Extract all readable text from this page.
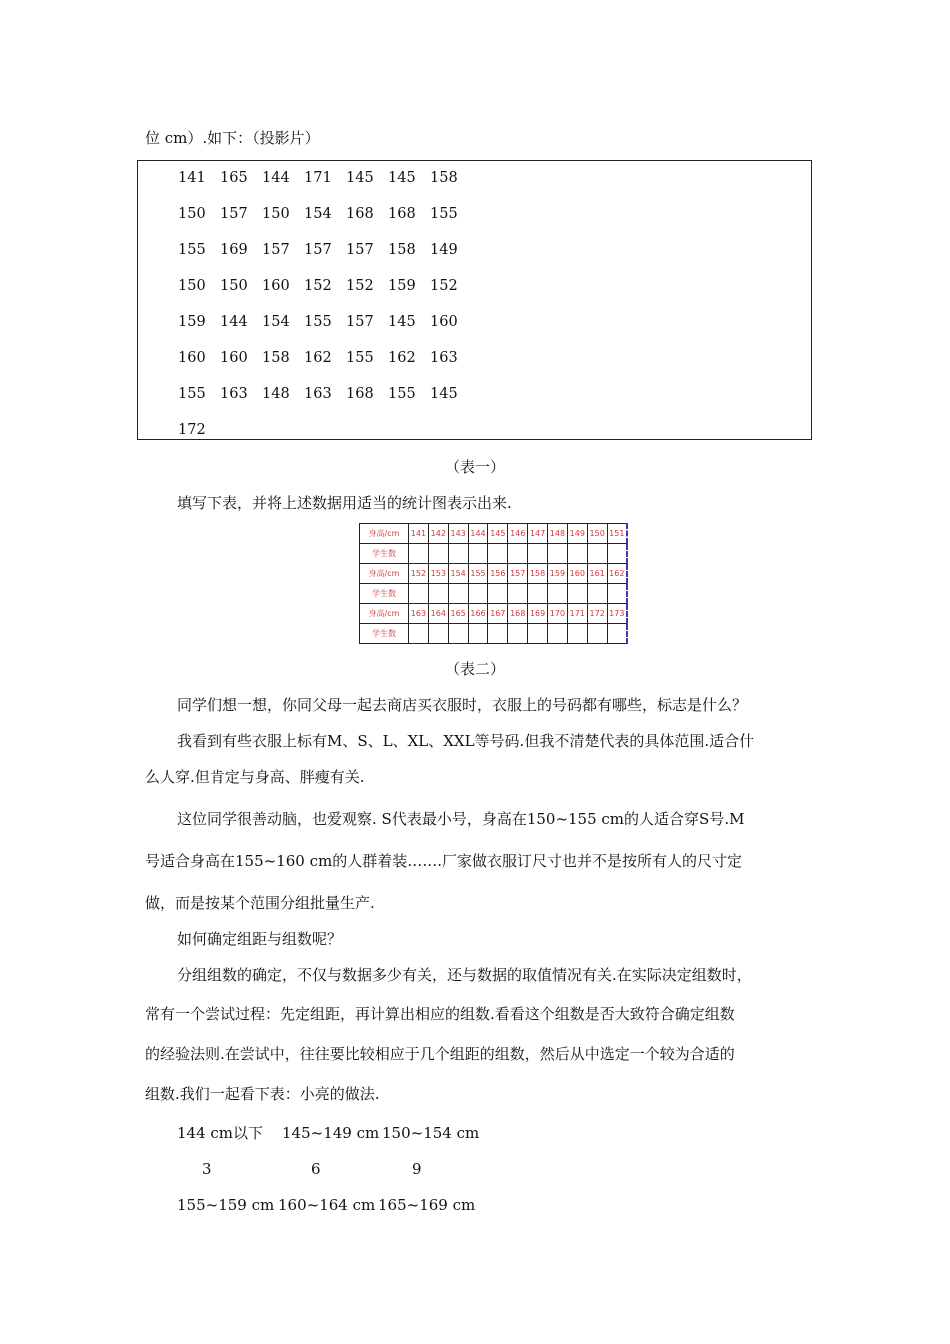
位 cm）.如下：（投影片）
141 165 144 171 145 145 158
150 157 150 154 168 168 155
155 169 157 157 157 158 149
150 150 160 152 152 159 152
159 144 154 155 157 145 160
160 160 158 162 155 162 163
155 163 148 163 168 155 145
172
（表一）
填写下表，并将上述数据用适当的统计图表示出来.
身高/cm	141	142	143	144	145	146	147	148	149	150	151
学生数											
身高/cm	152	153	154	155	156	157	158	159	160	161	162
学生数											
身高/cm	163	164	165	166	167	168	169	170	171	172	173
学生数											
（表二）
同学们想一想，你同父母一起去商店买衣服时，衣服上的号码都有哪些，标志是什么？
我看到有些衣服上标有M、S、L、XL、XXL等号码.但我不清楚代表的具体范围.适合什
么人穿.但肯定与身高、胖瘦有关.
这位同学很善动脑，也爱观察. S代表最小号，身高在150~155 cm的人适合穿S号.M
号适合身高在155~160 cm的人群着装…….厂家做衣服订尺寸也并不是按所有人的尺寸定
做，而是按某个范围分组批量生产.
如何确定组距与组数呢？
分组组数的确定，不仅与数据多少有关，还与数据的取值情况有关.在实际决定组数时，
常有一个尝试过程：先定组距，再计算出相应的组数.看看这个组数是否大致符合确定组数
的经验法则.在尝试中，往往要比较相应于几个组距的组数，然后从中选定一个较为合适的
组数.我们一起看下表：小亮的做法.
144 cm以下 145~149 cm 150~154 cm
3	6	9
155~159 cm 160~164 cm 165~169 cm
